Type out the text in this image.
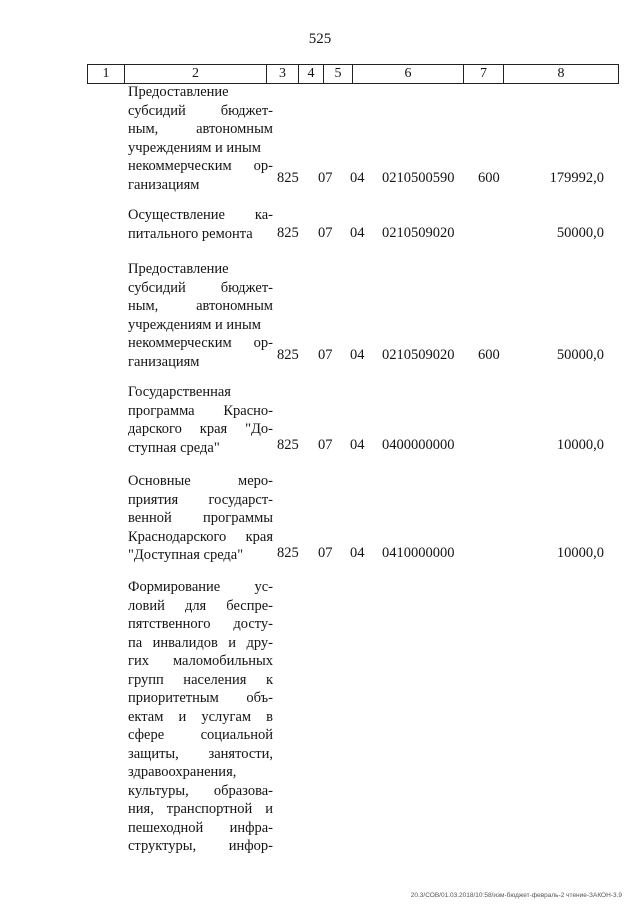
525
1	2	3	4	5	6	7	8
Предоставление
субсидий бюджет-
ным, автономным
учреждениям и иным
некоммерческим ор-
ганизациям	825 07 04 0210500590 600	179992,0
Осуществление ка-
питального ремонта	825 07 04 0210509020	50000,0
Предоставление
субсидий бюджет-
ным, автономным
учреждениям и иным
некоммерческим ор-
ганизациям	825 07 04 0210509020 600	50000,0
Государственная
программа Красно-
дарского края "До-
ступная среда"	825 07 04 0400000000	10000,0
Основные меро-
приятия государст-
венной программы
Краснодарского края
"Доступная среда"	825 07 04 0410000000	10000,0
Формирование ус-
ловий для беспре-
пятственного досту-
па инвалидов и дру-
гих маломобильных
групп населения к
приоритетным объ-
ектам и услугам в
сфере социальной
защиты, занятости,
здравоохранения,
культуры, образова-
ния, транспортной и
пешеходной инфра-
структуры, инфор-
20.3/СОВ/01.03.2018/10:58/изм-бюджет-февраль-2 чтение-ЗАКОН-3.9
